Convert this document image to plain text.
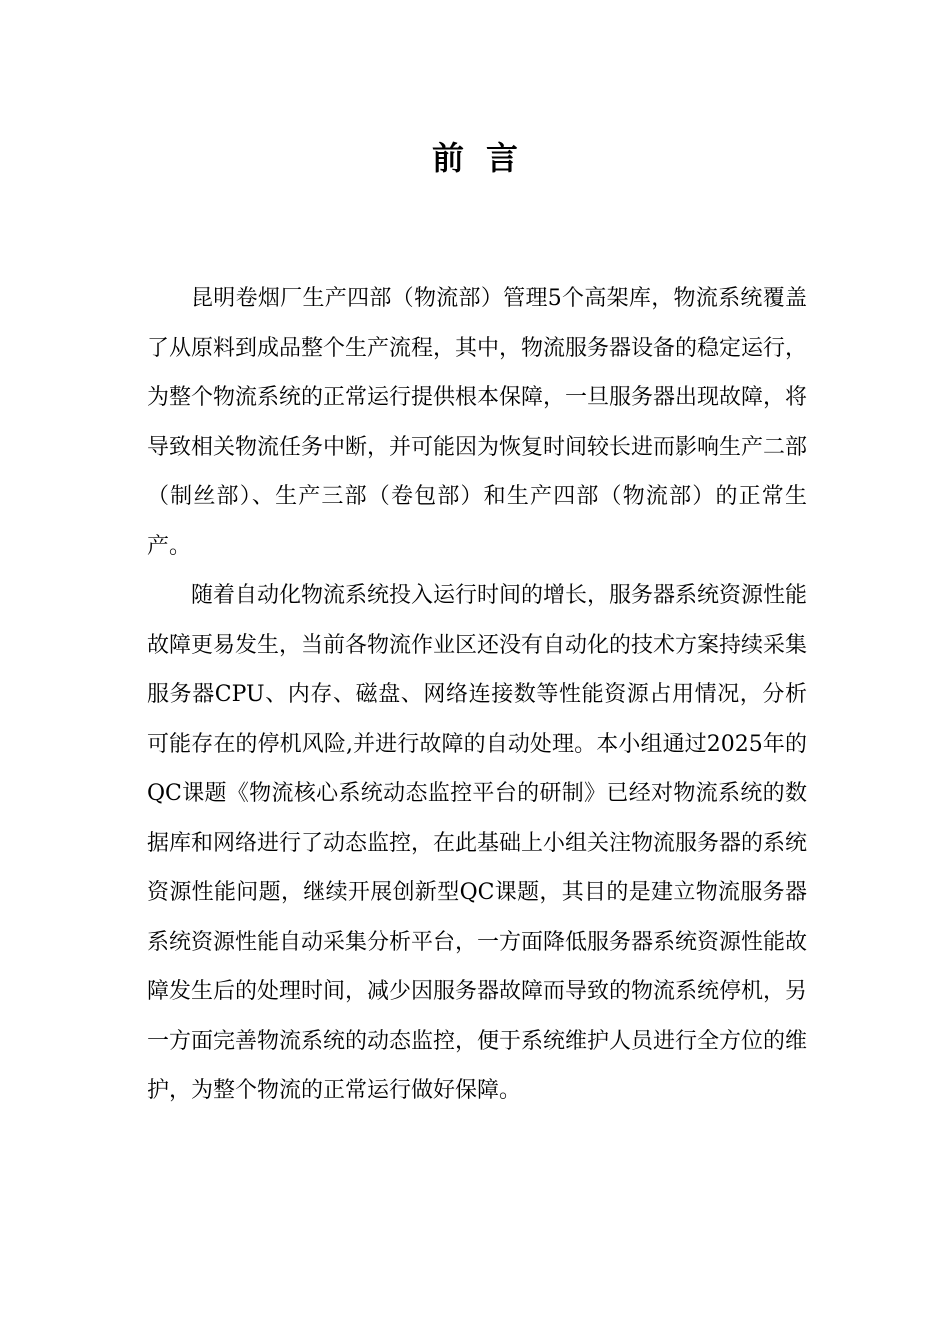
前言

昆明卷烟厂生产四部（物流部）管理5个高架库，物流系统覆盖了从原料到成品整个生产流程，其中，物流服务器设备的稳定运行，为整个物流系统的正常运行提供根本保障，一旦服务器出现故障，将导致相关物流任务中断，并可能因为恢复时间较长进而影响生产二部（制丝部）、生产三部（卷包部）和生产四部（物流部）的正常生产。

随着自动化物流系统投入运行时间的增长，服务器系统资源性能故障更易发生，当前各物流作业区还没有自动化的技术方案持续采集服务器CPU、内存、磁盘、网络连接数等性能资源占用情况，分析可能存在的停机风险,并进行故障的自动处理。本小组通过2025年的QC课题《物流核心系统动态监控平台的研制》已经对物流系统的数据库和网络进行了动态监控，在此基础上小组关注物流服务器的系统资源性能问题，继续开展创新型QC课题，其目的是建立物流服务器系统资源性能自动采集分析平台，一方面降低服务器系统资源性能故障发生后的处理时间，减少因服务器故障而导致的物流系统停机，另一方面完善物流系统的动态监控，便于系统维护人员进行全方位的维护，为整个物流的正常运行做好保障。
